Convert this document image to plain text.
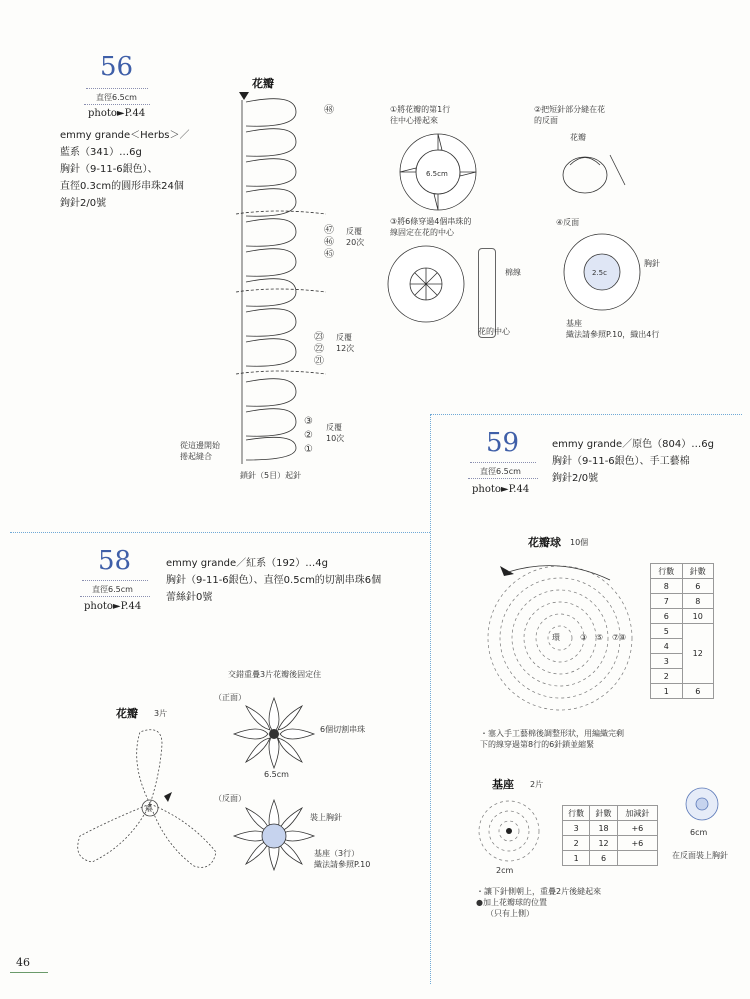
56
直徑6.5cm
photo►P.44
emmy grande＜Herbs＞／
藍系（341）…6g
胸針（9-11-6銀色）、
直徑0.3cm的圓形串珠24個
鉤針2/0號
花瓣
㊽
㊼
㊻
㊺
㉓
㉒
㉑
③
②
①
反覆
20次
反覆
12次
反覆
10次
從這邊開始
捲起縫合
鎖針（5目）起針
①將花瓣的第1行
往中心捲起來
6.5cm
②把短針部分縫在花
的反面
花瓣
③將6條穿過4個串珠的
線固定在花的中心
棉線
花的中心
④反面
2.5c
胸針
基座
織法請參照P.10，織出4行
59
直徑6.5cm
photo►P.44
emmy grande／原色（804）…6g
胸針（9-11-6銀色）、手工藝棉
鉤針2/0號
花瓣球 10個
環	③ ⑤ ⑦⑧
行數	針數
8	6
7	8
6	10
5	12
4	
3	
2	
1	6
・塞入手工藝棉後調整形狀，用編織完剩
下的線穿過第8行的6針鎖並縮緊
基座 2片
2cm
行數	針數	加減針
3	18	+6
2	12	+6
1	6	
6cm
在反面裝上胸針
・讓下針側朝上，重疊2片後縫起來
●加上花瓣球的位置
（只有上側）
58
直徑6.5cm
photo►P.44
emmy grande／紅系（192）…4g
胸針（9-11-6銀色）、直徑0.5cm的切割串珠6個
蕾絲針0號
交錯重疊3片花瓣後固定住
（正面）
6個切割串珠
6.5cm
（反面）
裝上胸針
基座（3行）
織法請參照P.10
花瓣 3片
環
46
